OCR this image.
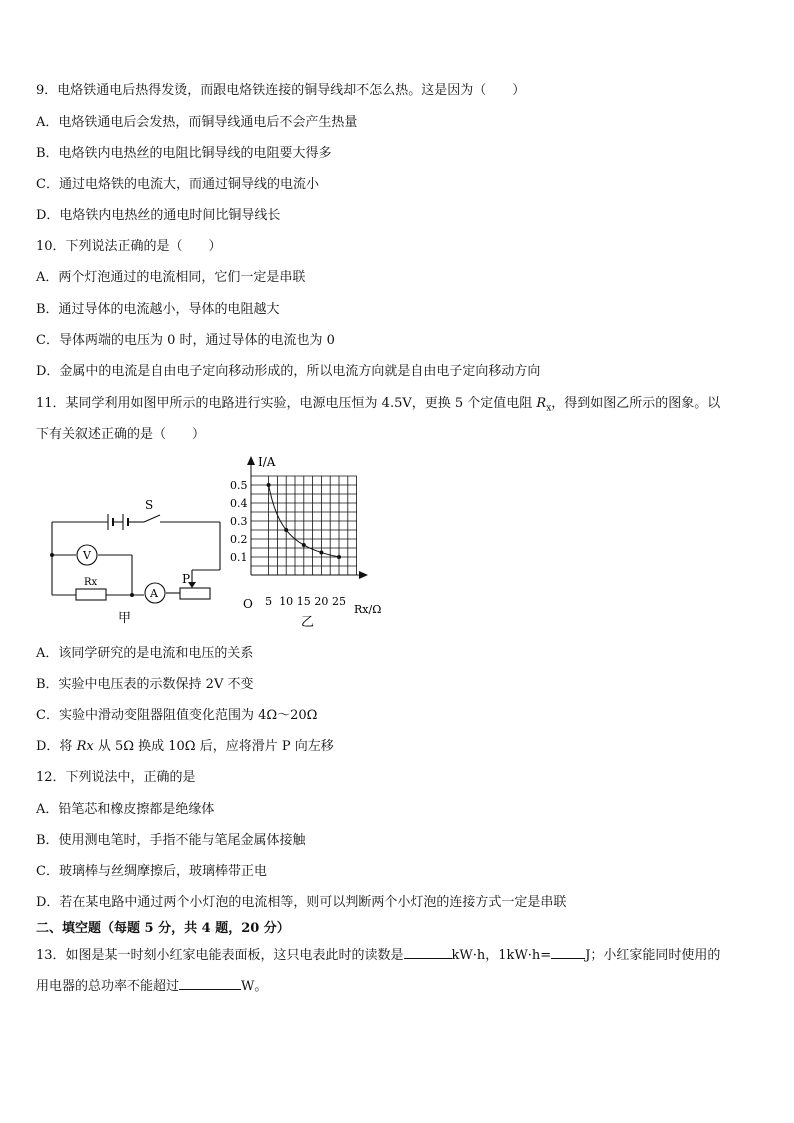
9．电烙铁通电后热得发烫，而跟电烙铁连接的铜导线却不怎么热。这是因为（　　）
A．电烙铁通电后会发热，而铜导线通电后不会产生热量
B．电烙铁内电热丝的电阻比铜导线的电阻要大得多
C．通过电烙铁的电流大，而通过铜导线的电流小
D．电烙铁内电热丝的通电时间比铜导线长
10．下列说法正确的是（　　）
A．两个灯泡通过的电流相同，它们一定是串联
B．通过导体的电流越小，导体的电阻越大
C．导体两端的电压为 0 时，通过导体的电流也为 0
D．金属中的电流是自由电子定向移动形成的，所以电流方向就是自由电子定向移动方向
11．某同学利用如图甲所示的电路进行实验，电源电压恒为 4.5V，更换 5 个定值电阻 $R_x$，得到如图乙所示的图象。以
下有关叙述正确的是（　　）
S
V
A
Rx	P
甲
5 10 15 20 25
0.1
0.2
0.3
0.4
0.5
I/A
Rx/Ω
O
乙
A．该同学研究的是电流和电压的关系
B．实验中电压表的示数保持 2V 不变
C．实验中滑动变阻器阻值变化范围为 4Ω～20Ω
D．将 Rx 从 5Ω 换成 10Ω 后，应将滑片 P 向左移
12．下列说法中，正确的是
A．铅笔芯和橡皮擦都是绝缘体
B．使用测电笔时，手指不能与笔尾金属体接触
C．玻璃棒与丝绸摩擦后，玻璃棒带正电
D．若在某电路中通过两个小灯泡的电流相等，则可以判断两个小灯泡的连接方式一定是串联
二、填空题（每题 5 分，共 4 题，20 分）
13．如图是某一时刻小红家电能表面板，这只电表此时的读数是	kW·h，1kW·h=	J；小红家能同时使用的
用电器的总功率不能超过	W。
